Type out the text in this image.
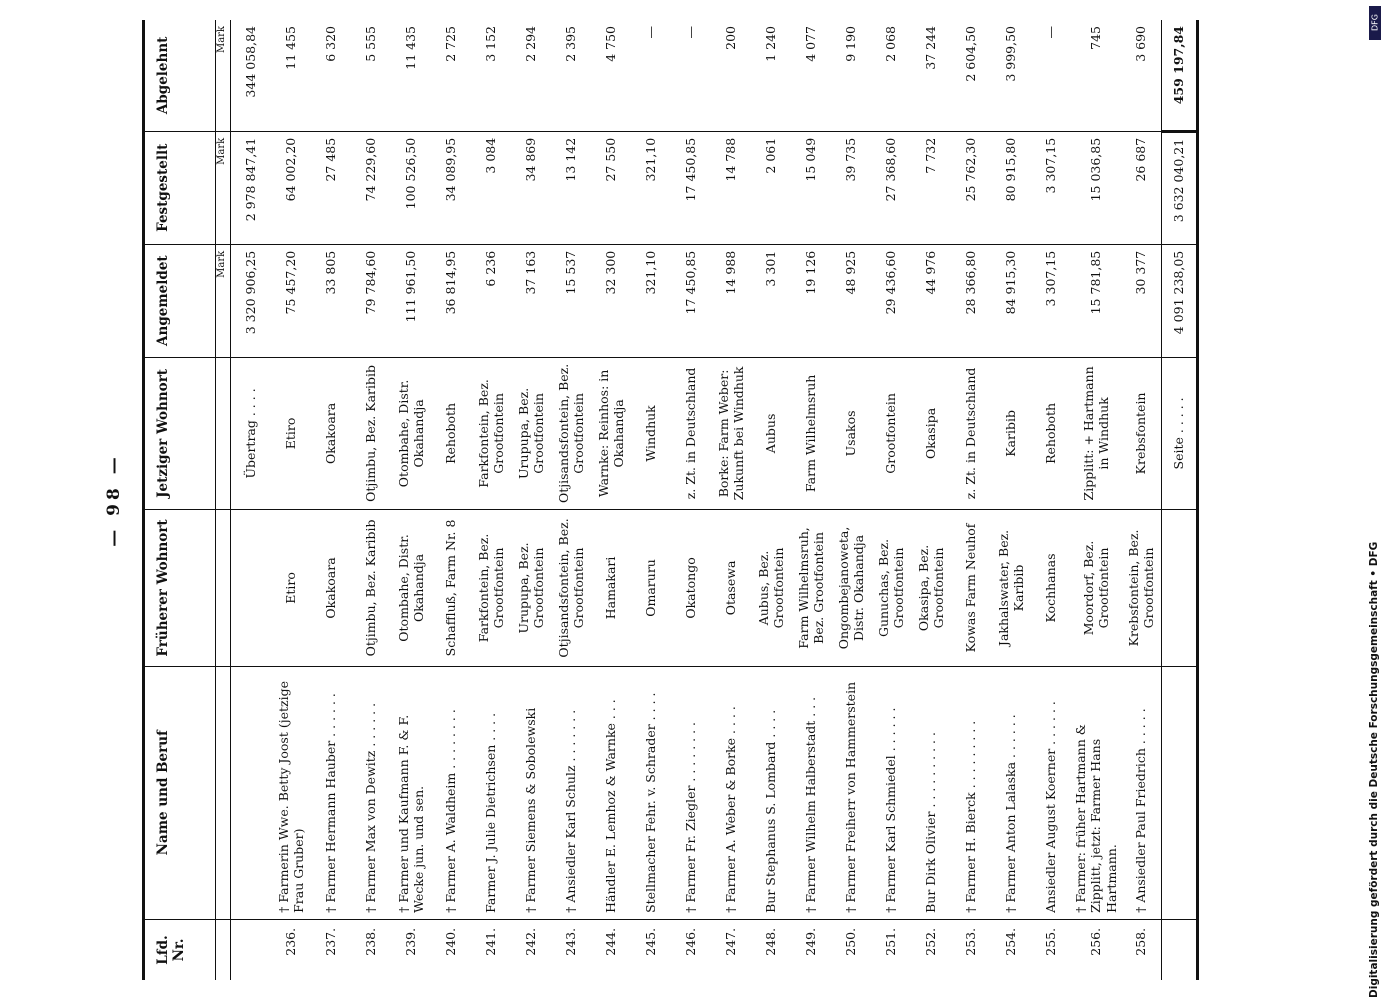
— 98 —
Lfd. Nr.	Name und Beruf	Früherer Wohnort	Jetziger Wohnort	Angemeldet	Festgestellt	Abgelehnt
				Mark	Mark	Mark
			Übertrag . . . .	3 320 906,25	2 978 847,41	344 058,84
236.	† Farmerin Wwe. Betty Joost (jetzige Frau Gruber)	Etiro	Etiro	75 457,20	64 002,20	11 455
237.	† Farmer Hermann Hauber . . . . . .	Okakoara	Okakoara	33 805	27 485	6 320
238.	† Farmer Max von Dewitz . . . . . .	Otjimbu, Bez. Karibib	Otjimbu, Bez. Karibib	79 784,60	74 229,60	5 555
239.	† Farmer und Kaufmann F. & F. Wecke jun. und sen.	Otombahe, Distr. Okahandja	Otombahe, Distr. Okahandja	111 961,50	100 526,50	11 435
240.	† Farmer A. Waldheim . . . . . . . .	Schaffluß, Farm Nr. 8	Rehoboth	36 814,95	34 089,95	2 725
241.	Farmer J. Julie Dietrichsen . . . .	Farkfontein, Bez. Grootfontein	Farkfontein, Bez. Grootfontein	6 236	3 084	3 152
242.	† Farmer Siemens & Sobolewski	Urupupa, Bez. Grootfontein	Urupupa, Bez. Grootfontein	37 163	34 869	2 294
243.	† Ansiedler Karl Schulz . . . . . . .	Otjisandsfontein, Bez. Grootfontein	Otjisandsfontein, Bez. Grootfontein	15 537	13 142	2 395
244.	Händler E. Lemhoz & Warnke . . .	Hamakari	Warnke: Reinhos: in Okahandja	32 300	27 550	4 750
245.	Stellmacher Fehr. v. Schrader . . . .	Omaruru	Windhuk	321,10	321,10	—
246.	† Farmer Fr. Ziegler . . . . . . . .	Okatongo	z. Zt. in Deutschland	17 450,85	17 450,85	—
247.	† Farmer A. Weber & Borke . . . .	Otasewa	Borke: Farm Weber: Zukunft bei Windhuk	14 988	14 788	200
248.	Bur Stephanus S. Lombard . . . .	Aubus, Bez. Grootfontein	Aubus	3 301	2 061	1 240
249.	† Farmer Wilhelm Halberstadt . . .	Farm Wilhelmsruh, Bez. Grootfontein	Farm Wilhelmsruh	19 126	15 049	4 077
250.	† Farmer Freiherr von Hammerstein	Ongombejanoweta, Distr. Okahandja	Usakos	48 925	39 735	9 190
251.	† Farmer Karl Schmiedel . . . . . .	Gunuchas, Bez. Grootfontein	Grootfontein	29 436,60	27 368,60	2 068
252.	Bur Dirk Olivier . . . . . . . . . .	Okasipa, Bez. Grootfontein	Okasipa	44 976	7 732	37 244
253.	† Farmer H. Bierck . . . . . . . . .	Kowas Farm Neuhof	z. Zt. in Deutschland	28 366,80	25 762,30	2 604,50
254.	† Farmer Anton Lalaska . . . . . .	Jakhalswater, Bez. Karibib	Karibib	84 915,30	80 915,80	3 999,50
255.	Ansiedler August Koerner . . . . . .	Kochhanas	Rehoboth	3 307,15	3 307,15	—
256.	† Farmer: früher Hartmann & Zipplitt, jetzt: Farmer Hans Hartmann.	Moordorf, Bez. Grootfontein	Zipplitt: + Hartmann in Windhuk	15 781,85	15 036,85	745
258.	† Ansiedler Paul Friedrich . . . . .	Krebsfontein, Bez. Grootfontein	Krebsfontein	30 377	26 687	3 690
			Seite . . . . .	4 091 238,05	3 632 040,21	459 197,84
DFG
Digitalisierung gefördert durch die Deutsche Forschungsgemeinschaft • DFG
